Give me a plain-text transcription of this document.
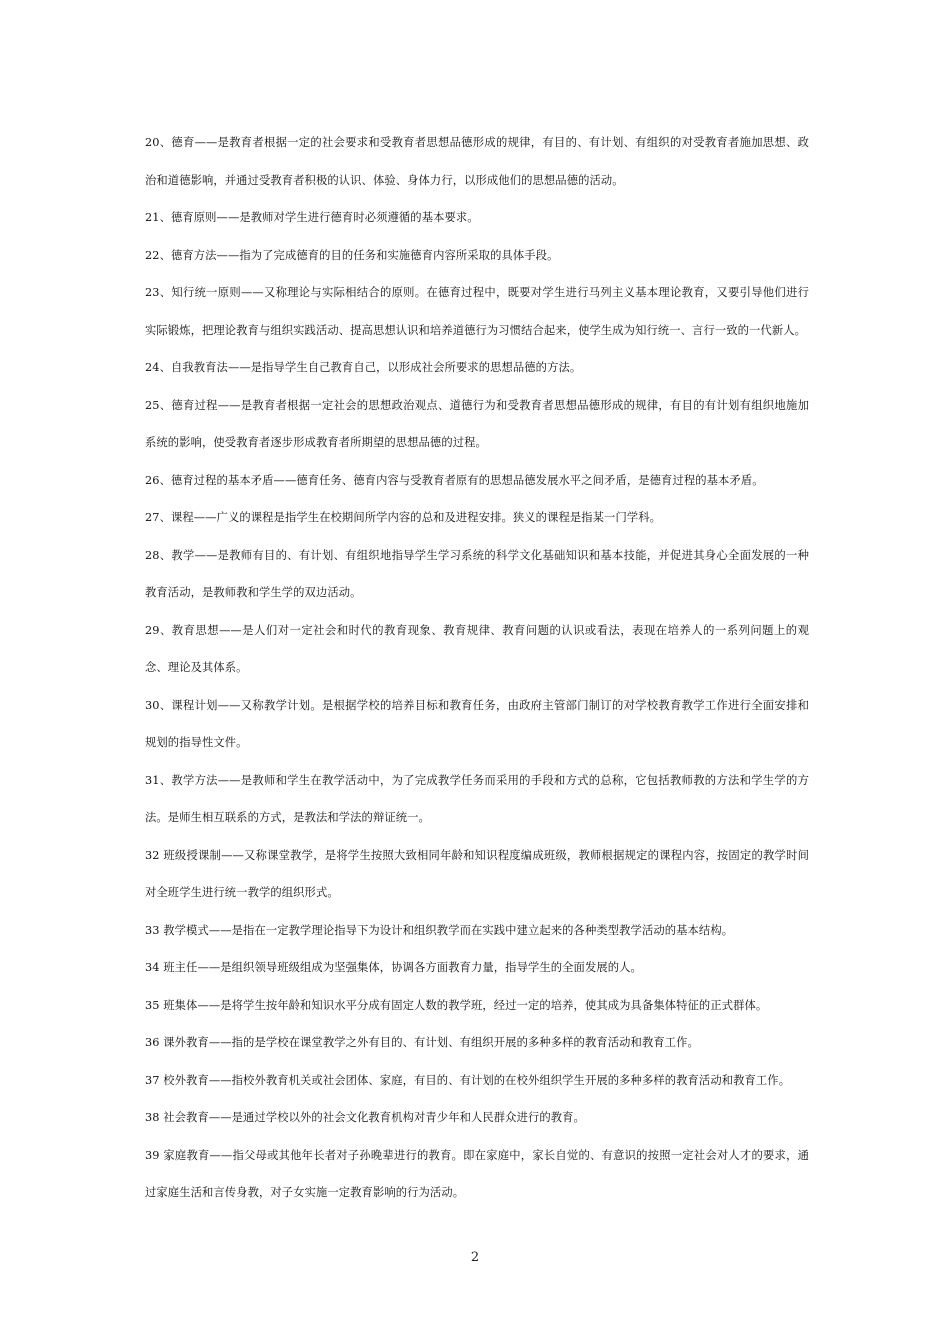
20、德育——是教育者根据一定的社会要求和受教育者思想品德形成的规律，有目的、有计划、有组织的对受教育者施加思想、政治和道德影响，并通过受教育者积极的认识、体验、身体力行，以形成他们的思想品德的活动。

21、德育原则——是教师对学生进行德育时必须遵循的基本要求。

22、德育方法——指为了完成德育的目的任务和实施德育内容所采取的具体手段。

23、知行统一原则——又称理论与实际相结合的原则。在德育过程中，既要对学生进行马列主义基本理论教育，又要引导他们进行实际锻炼，把理论教育与组织实践活动、提高思想认识和培养道德行为习惯结合起来，使学生成为知行统一、言行一致的一代新人。

24、自我教育法——是指导学生自己教育自己，以形成社会所要求的思想品德的方法。

25、德育过程——是教育者根据一定社会的思想政治观点、道德行为和受教育者思想品德形成的规律，有目的有计划有组织地施加系统的影响，使受教育者逐步形成教育者所期望的思想品德的过程。

26、德育过程的基本矛盾——德育任务、德育内容与受教育者原有的思想品德发展水平之间矛盾，是德育过程的基本矛盾。

27、课程——广义的课程是指学生在校期间所学内容的总和及进程安排。狭义的课程是指某一门学科。

28、教学——是教师有目的、有计划、有组织地指导学生学习系统的科学文化基础知识和基本技能，并促进其身心全面发展的一种教育活动，是教师教和学生学的双边活动。

29、教育思想——是人们对一定社会和时代的教育现象、教育规律、教育问题的认识或看法，表现在培养人的一系列问题上的观念、理论及其体系。

30、课程计划——又称教学计划。是根据学校的培养目标和教育任务，由政府主管部门制订的对学校教育教学工作进行全面安排和规划的指导性文件。

31、教学方法——是教师和学生在教学活动中，为了完成教学任务而采用的手段和方式的总称，它包括教师教的方法和学生学的方法。是师生相互联系的方式，是教法和学法的辩证统一。

32 班级授课制——又称课堂教学，是将学生按照大致相同年龄和知识程度编成班级，教师根据规定的课程内容，按固定的教学时间对全班学生进行统一教学的组织形式。

33 教学模式——是指在一定教学理论指导下为设计和组织教学而在实践中建立起来的各种类型教学活动的基本结构。

34 班主任——是组织领导班级组成为坚强集体，协调各方面教育力量，指导学生的全面发展的人。

35 班集体——是将学生按年龄和知识水平分成有固定人数的教学班，经过一定的培养，使其成为具备集体特征的正式群体。

36 课外教育——指的是学校在课堂教学之外有目的、有计划、有组织开展的多种多样的教育活动和教育工作。

37 校外教育——指校外教育机关或社会团体、家庭，有目的、有计划的在校外组织学生开展的多种多样的教育活动和教育工作。

38 社会教育——是通过学校以外的社会文化教育机构对青少年和人民群众进行的教育。

39 家庭教育——指父母或其他年长者对子孙晚辈进行的教育。即在家庭中，家长自觉的、有意识的按照一定社会对人才的要求，通过家庭生活和言传身教，对子女实施一定教育影响的行为活动。

2
